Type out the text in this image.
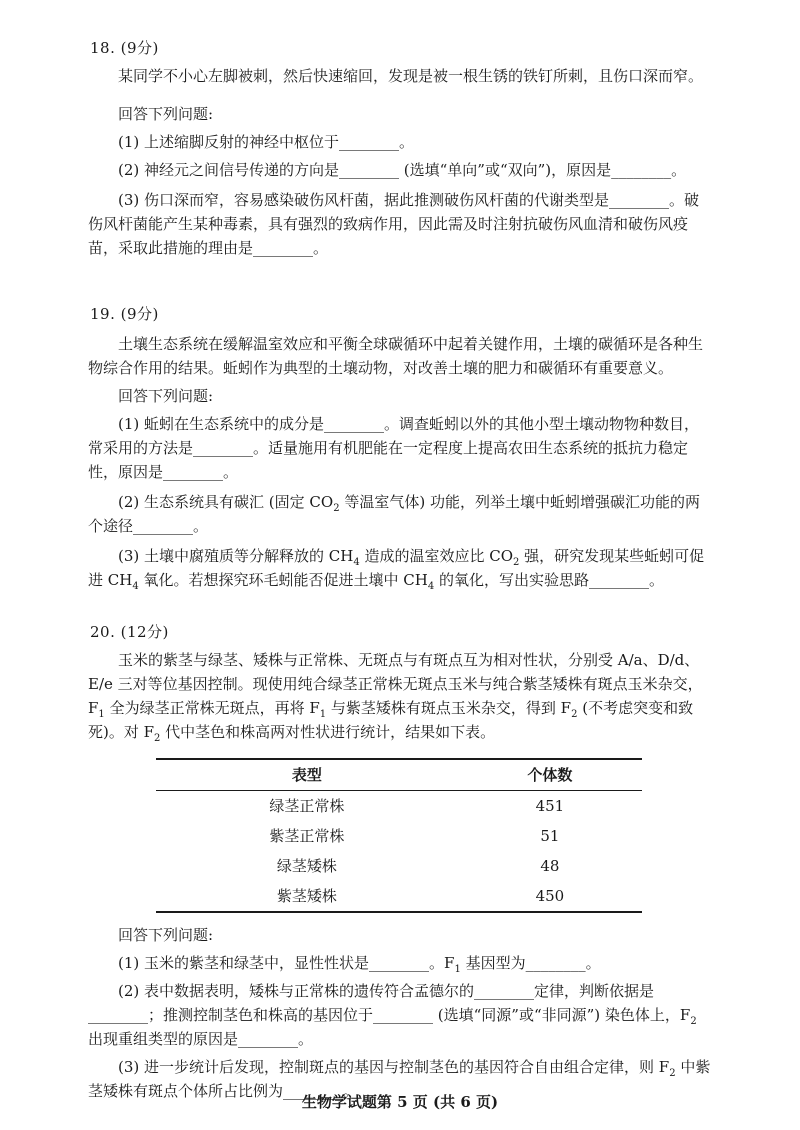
18. (9分)

某同学不小心左脚被刺，然后快速缩回，发现是被一根生锈的铁钉所刺，且伤口深而窄。

回答下列问题:

(1) 上述缩脚反射的神经中枢位于________。

(2) 神经元之间信号传递的方向是________ (选填“单向”或“双向”)，原因是________。

(3) 伤口深而窄，容易感染破伤风杆菌，据此推测破伤风杆菌的代谢类型是________。破伤风杆菌能产生某种毒素，具有强烈的致病作用，因此需及时注射抗破伤风血清和破伤风疫苗，采取此措施的理由是________。

19. (9分)

土壤生态系统在缓解温室效应和平衡全球碳循环中起着关键作用，土壤的碳循环是各种生物综合作用的结果。蚯蚓作为典型的土壤动物，对改善土壤的肥力和碳循环有重要意义。

回答下列问题:

(1) 蚯蚓在生态系统中的成分是________。调查蚯蚓以外的其他小型土壤动物物种数目，常采用的方法是________。适量施用有机肥能在一定程度上提高农田生态系统的抵抗力稳定性，原因是________。

(2) 生态系统具有碳汇 (固定 $CO_2$ 等温室气体) 功能，列举土壤中蚯蚓增强碳汇功能的两个途径________。

(3) 土壤中腐殖质等分解释放的 $CH_4$ 造成的温室效应比 $CO_2$ 强，研究发现某些蚯蚓可促进 $CH_4$ 氧化。若想探究环毛蚓能否促进土壤中 $CH_4$ 的氧化，写出实验思路________。

20. (12分)

玉米的紫茎与绿茎、矮株与正常株、无斑点与有斑点互为相对性状，分别受 A/a、D/d、E/e 三对等位基因控制。现使用纯合绿茎正常株无斑点玉米与纯合紫茎矮株有斑点玉米杂交，$F_1$ 全为绿茎正常株无斑点，再将 $F_1$ 与紫茎矮株有斑点玉米杂交，得到 $F_2$ (不考虑突变和致死)。对 $F_2$ 代中茎色和株高两对性状进行统计，结果如下表。

表型	个体数
绿茎正常株	451
紫茎正常株	51
绿茎矮株	48
紫茎矮株	450

回答下列问题:

(1) 玉米的紫茎和绿茎中，显性性状是________。$F_1$ 基因型为________。

(2) 表中数据表明，矮株与正常株的遗传符合孟德尔的________定律，判断依据是________；推测控制茎色和株高的基因位于________ (选填“同源”或“非同源”) 染色体上，$F_2$ 出现重组类型的原因是________。

(3) 进一步统计后发现，控制斑点的基因与控制茎色的基因符合自由组合定律，则 $F_2$ 中紫茎矮株有斑点个体所占比例为________。

生物学试题第 5 页 (共 6 页)
